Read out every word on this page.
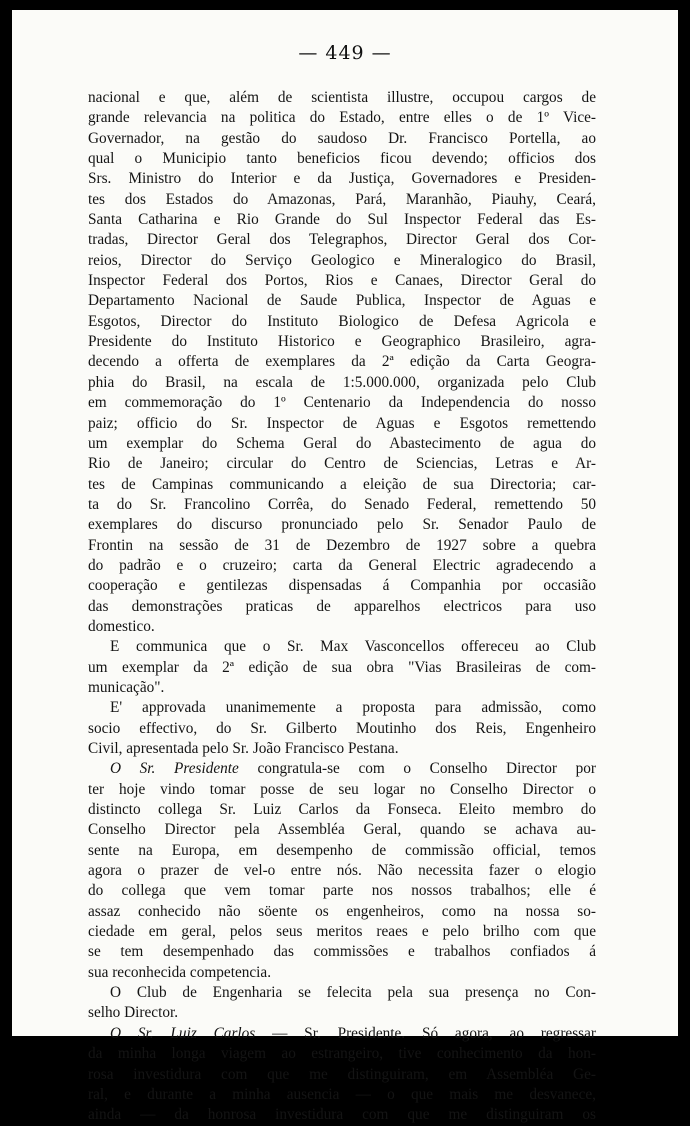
— 449 —
nacional e que, além de scientista illustre, occupou cargos de
grande relevancia na politica do Estado, entre elles o de 1º Vice-
Governador, na gestão do saudoso Dr. Francisco Portella, ao
qual o Municipio tanto beneficios ficou devendo; officios dos
Srs. Ministro do Interior e da Justiça, Governadores e Presiden-
tes dos Estados do Amazonas, Pará, Maranhão, Piauhy, Ceará,
Santa Catharina e Rio Grande do Sul Inspector Federal das Es-
tradas, Director Geral dos Telegraphos, Director Geral dos Cor-
reios, Director do Serviço Geologico e Mineralogico do Brasil,
Inspector Federal dos Portos, Rios e Canaes, Director Geral do
Departamento Nacional de Saude Publica, Inspector de Aguas e
Esgotos, Director do Instituto Biologico de Defesa Agricola e
Presidente do Instituto Historico e Geographico Brasileiro, agra-
decendo a offerta de exemplares da 2ª edição da Carta Geogra-
phia do Brasil, na escala de 1:5.000.000, organizada pelo Club
em commemoração do 1º Centenario da Independencia do nosso
paiz; officio do Sr. Inspector de Aguas e Esgotos remettendo
um exemplar do Schema Geral do Abastecimento de agua do
Rio de Janeiro; circular do Centro de Sciencias, Letras e Ar-
tes de Campinas communicando a eleição de sua Directoria; car-
ta do Sr. Francolino Corrêa, do Senado Federal, remettendo 50
exemplares do discurso pronunciado pelo Sr. Senador Paulo de
Frontin na sessão de 31 de Dezembro de 1927 sobre a quebra
do padrão e o cruzeiro; carta da General Electric agradecendo a
cooperação e gentilezas dispensadas á Companhia por occasião
das demonstrações praticas de apparelhos electricos para uso
domestico.
E communica que o Sr. Max Vasconcellos offereceu ao Club
um exemplar da 2ª edição de sua obra "Vias Brasileiras de com-
municação".
E' approvada unanimemente a proposta para admissão, como
socio effectivo, do Sr. Gilberto Moutinho dos Reis, Engenheiro
Civil, apresentada pelo Sr. João Francisco Pestana.
O Sr. Presidente congratula-se com o Conselho Director por
ter hoje vindo tomar posse de seu logar no Conselho Director o
distincto collega Sr. Luiz Carlos da Fonseca. Eleito membro do
Conselho Director pela Assembléa Geral, quando se achava au-
sente na Europa, em desempenho de commissão official, temos
agora o prazer de vel-o entre nós. Não necessita fazer o elogio
do collega que vem tomar parte nos nossos trabalhos; elle é
assaz conhecido não söente os engenheiros, como na nossa so-
ciedade em geral, pelos seus meritos reaes e pelo brilho com que
se tem desempenhado das commissões e trabalhos confiados á
sua reconhecida competencia.
O Club de Engenharia se felecita pela sua presença no Con-
selho Director.
O Sr. Luiz Carlos — Sr. Presidente. Só agora, ao regressar
da minha longa viagem ao estrangeiro, tive conhecimento da hon-
rosa investidura com que me distinguiram, em Assembléa Ge-
ral, e durante a minha ausencia — o que mais me desvanece,
ainda — da honrosa investidura com que me distinguiram os
